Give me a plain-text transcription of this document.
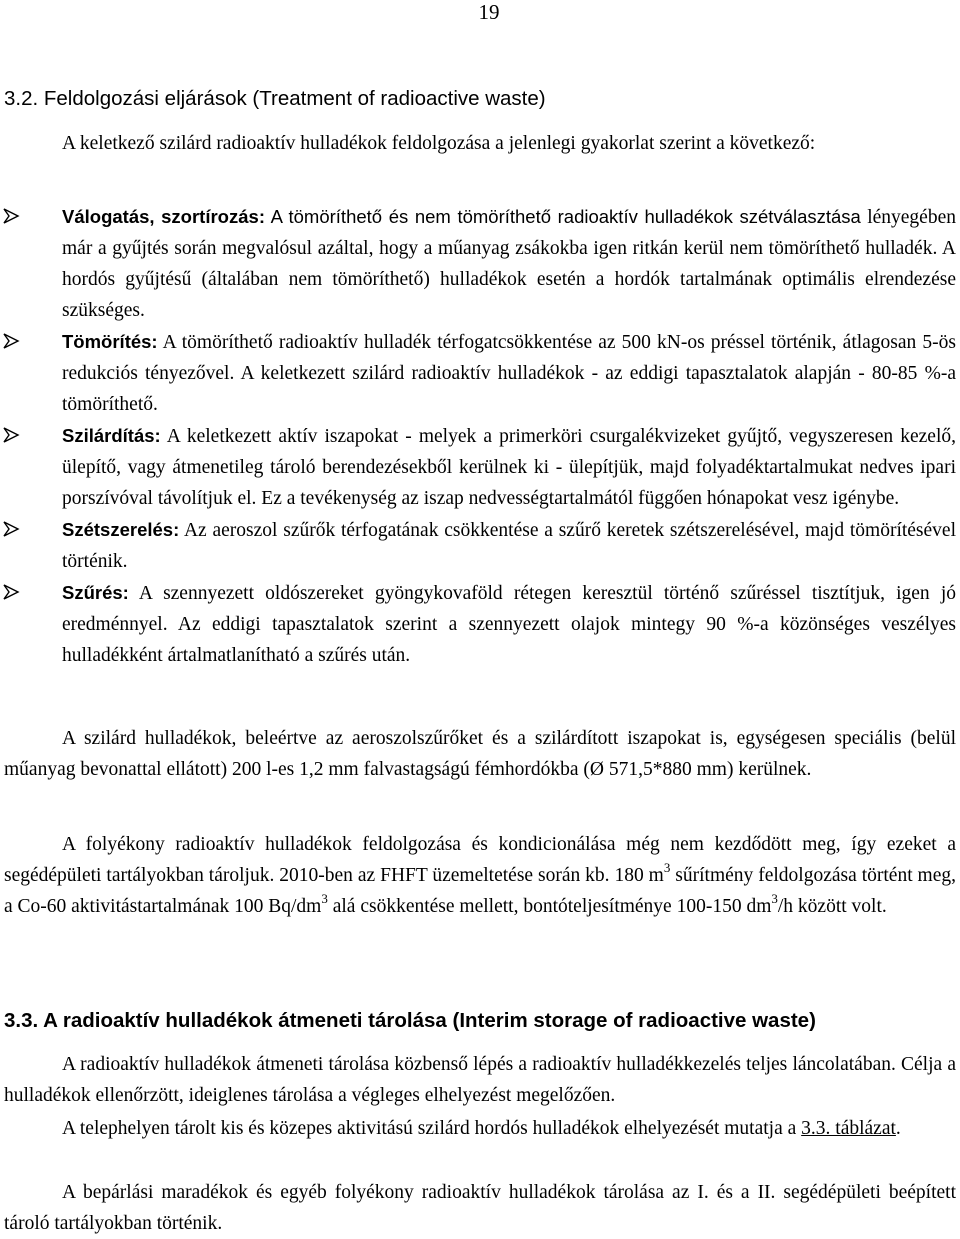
19
3.2. Feldolgozási eljárások (Treatment of radioactive waste)

A keletkező szilárd radioaktív hulladékok feldolgozása a jelenlegi gyakorlat szerint a következő:

Válogatás, szortírozás: A tömöríthető és nem tömöríthető radioaktív hulladékok szétválasztása lényegében már a gyűjtés során megvalósul azáltal, hogy a műanyag zsákokba igen ritkán kerül nem tömöríthető hulladék. A hordós gyűjtésű (általában nem tömöríthető) hulladékok esetén a hordók tartalmának optimális elrendezése szükséges.
Tömörítés: A tömöríthető radioaktív hulladék térfogatcsökkentése az 500 kN-os préssel történik, átlagosan 5-ös redukciós tényezővel. A keletkezett szilárd radioaktív hulladékok - az eddigi tapasztalatok alapján - 80-85 %-a tömöríthető.
Szilárdítás: A keletkezett aktív iszapokat - melyek a primerköri csurgalékvizeket gyűjtő, vegyszeresen kezelő, ülepítő, vagy átmenetileg tároló berendezésekből kerülnek ki - ülepítjük, majd folyadéktartalmukat nedves ipari porszívóval távolítjuk el. Ez a tevékenység az iszap nedvességtartalmától függően hónapokat vesz igénybe.
Szétszerelés: Az aeroszol szűrők térfogatának csökkentése a szűrő keretek szétszerelésével, majd tömörítésével történik.
Szűrés: A szennyezett oldószereket gyöngykovaföld rétegen keresztül történő szűréssel tisztítjuk, igen jó eredménnyel. Az eddigi tapasztalatok szerint a szennyezett olajok mintegy 90 %-a közönséges veszélyes hulladékként ártalmatlanítható a szűrés után.

A szilárd hulladékok, beleértve az aeroszolszűrőket és a szilárdított iszapokat is, egységesen speciális (belül műanyag bevonattal ellátott) 200 l-es 1,2 mm falvastagságú fémhordókba (Ø 571,5*880 mm) kerülnek.

A folyékony radioaktív hulladékok feldolgozása és kondicionálása még nem kezdődött meg, így ezeket a segédépületi tartályokban tároljuk. 2010-ben az FHFT üzemeltetése során kb. 180 $m^3$ sűrítmény feldolgozása történt meg, a Co-60 aktivitástartalmának 100 $Bq/dm^3$ alá csökkentése mellett, bontóteljesítménye 100-150 $dm^3/h$ között volt.

3.3. A radioaktív hulladékok átmeneti tárolása (Interim storage of radioactive waste)

A radioaktív hulladékok átmeneti tárolása közbenső lépés a radioaktív hulladékkezelés teljes láncolatában. Célja a hulladékok ellenőrzött, ideiglenes tárolása a végleges elhelyezést megelőzően.

A telephelyen tárolt kis és közepes aktivitású szilárd hordós hulladékok elhelyezését mutatja a 3.3. táblázat.

A bepárlási maradékok és egyéb folyékony radioaktív hulladékok tárolása az I. és a II. segédépületi beépített tároló tartályokban történik.
